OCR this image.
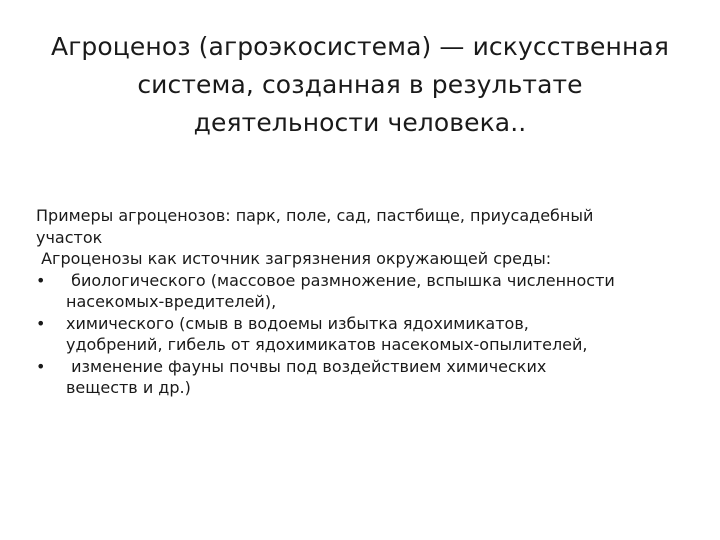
Агроценоз (агроэкосистема) — искусственная
система, созданная в результате
деятельности человека..
Примеры агроценозов: парк, поле, сад, пастбище, приусадебный
участок
Агроценозы как источник загрязнения окружающей среды:
• биологического (массовое размножение, вспышка численности
насекомых-вредителей),
• химического (смыв в водоемы избытка ядохимикатов,
удобрений, гибель от ядохимикатов насекомых-опылителей,
• изменение фауны почвы под воздействием химических
веществ и др.)
